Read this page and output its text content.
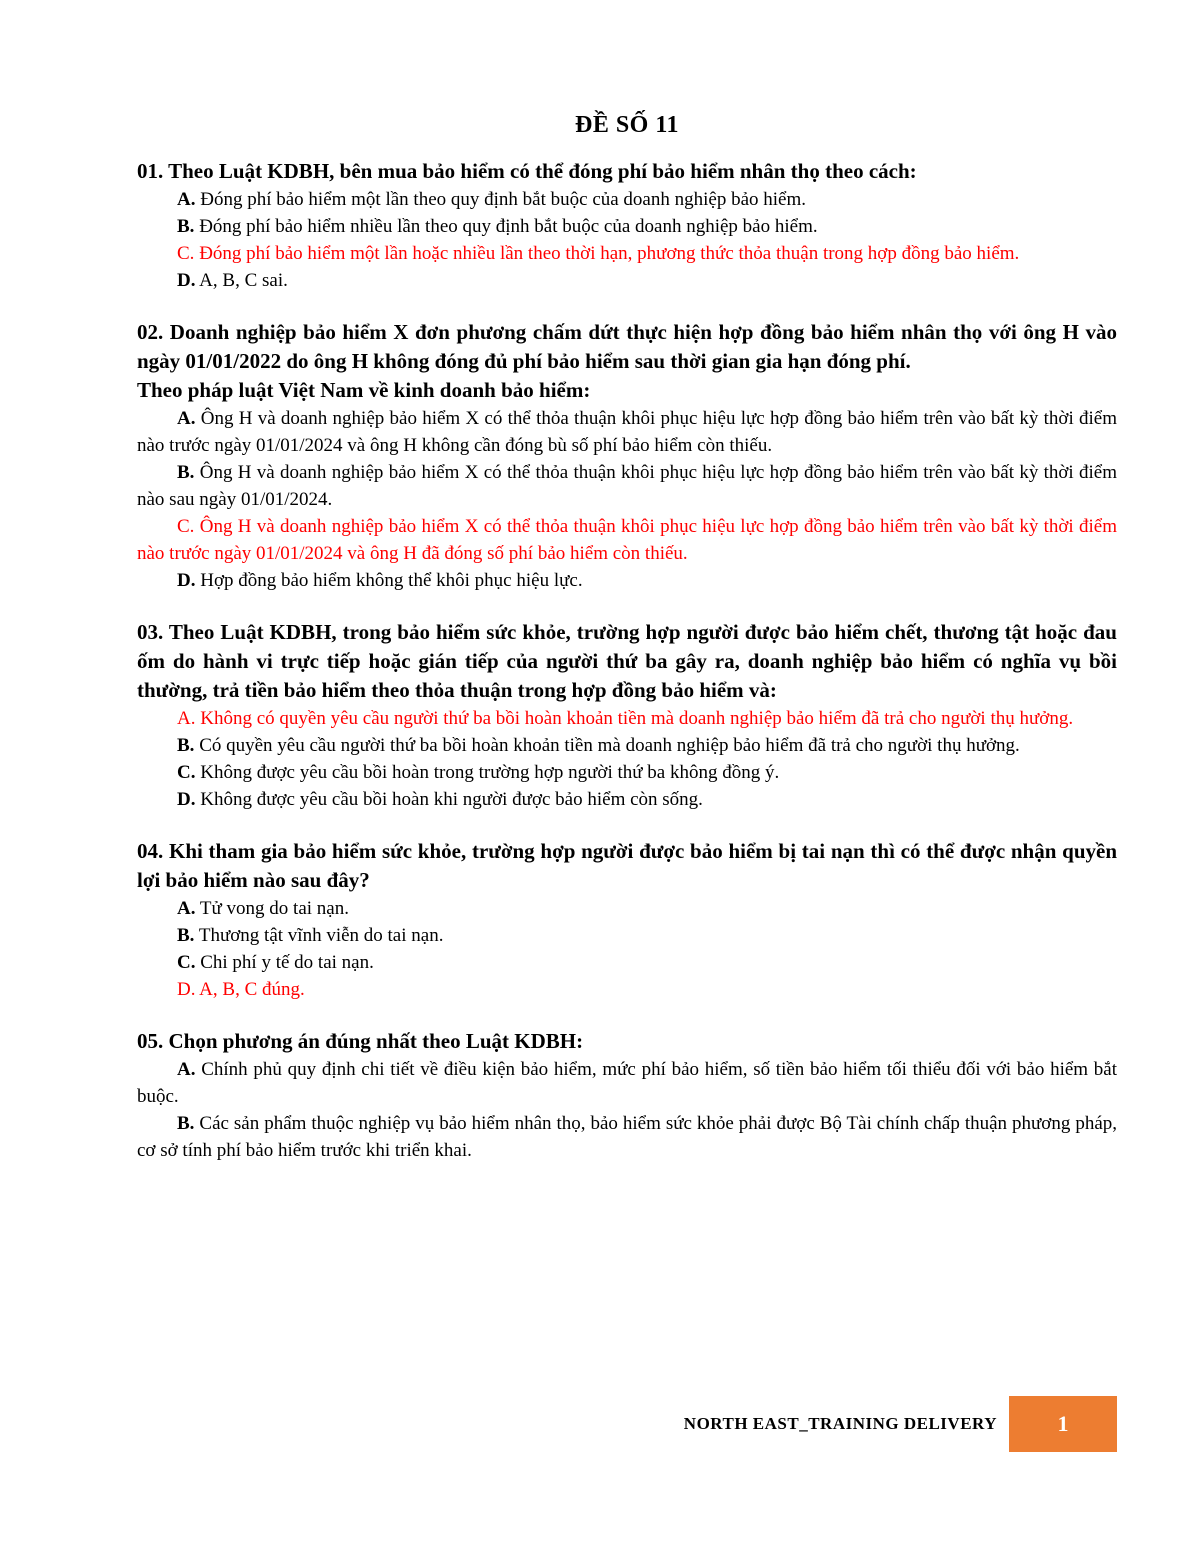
ĐỀ SỐ 11
01. Theo Luật KDBH, bên mua bảo hiểm có thể đóng phí bảo hiểm nhân thọ theo cách:
A. Đóng phí bảo hiểm một lần theo quy định bắt buộc của doanh nghiệp bảo hiểm.
B. Đóng phí bảo hiểm nhiều lần theo quy định bắt buộc của doanh nghiệp bảo hiểm.
C. Đóng phí bảo hiểm một lần hoặc nhiều lần theo thời hạn, phương thức thỏa thuận trong hợp đồng bảo hiểm.
D. A, B, C sai.
02. Doanh nghiệp bảo hiểm X đơn phương chấm dứt thực hiện hợp đồng bảo hiểm nhân thọ với ông H vào ngày 01/01/2022 do ông H không đóng đủ phí bảo hiểm sau thời gian gia hạn đóng phí.
Theo pháp luật Việt Nam về kinh doanh bảo hiểm:
A. Ông H và doanh nghiệp bảo hiểm X có thể thỏa thuận khôi phục hiệu lực hợp đồng bảo hiểm trên vào bất kỳ thời điểm nào trước ngày 01/01/2024 và ông H không cần đóng bù số phí bảo hiểm còn thiếu.
B. Ông H và doanh nghiệp bảo hiểm X có thể thỏa thuận khôi phục hiệu lực hợp đồng bảo hiểm trên vào bất kỳ thời điểm nào sau ngày 01/01/2024.
C. Ông H và doanh nghiệp bảo hiểm X có thể thỏa thuận khôi phục hiệu lực hợp đồng bảo hiểm trên vào bất kỳ thời điểm nào trước ngày 01/01/2024 và ông H đã đóng số phí bảo hiểm còn thiếu.
D. Hợp đồng bảo hiểm không thể khôi phục hiệu lực.
03. Theo Luật KDBH, trong bảo hiểm sức khỏe, trường hợp người được bảo hiểm chết, thương tật hoặc đau ốm do hành vi trực tiếp hoặc gián tiếp của người thứ ba gây ra, doanh nghiệp bảo hiểm có nghĩa vụ bồi thường, trả tiền bảo hiểm theo thỏa thuận trong hợp đồng bảo hiểm và:
A. Không có quyền yêu cầu người thứ ba bồi hoàn khoản tiền mà doanh nghiệp bảo hiểm đã trả cho người thụ hưởng.
B. Có quyền yêu cầu người thứ ba bồi hoàn khoản tiền mà doanh nghiệp bảo hiểm đã trả cho người thụ hưởng.
C. Không được yêu cầu bồi hoàn trong trường hợp người thứ ba không đồng ý.
D. Không được yêu cầu bồi hoàn khi người được bảo hiểm còn sống.
04. Khi tham gia bảo hiểm sức khỏe, trường hợp người được bảo hiểm bị tai nạn thì có thể được nhận quyền lợi bảo hiểm nào sau đây?
A. Tử vong do tai nạn.
B. Thương tật vĩnh viễn do tai nạn.
C. Chi phí y tế do tai nạn.
D. A, B, C đúng.
05. Chọn phương án đúng nhất theo Luật KDBH:
A. Chính phủ quy định chi tiết về điều kiện bảo hiểm, mức phí bảo hiểm, số tiền bảo hiểm tối thiểu đối với bảo hiểm bắt buộc.
B. Các sản phẩm thuộc nghiệp vụ bảo hiểm nhân thọ, bảo hiểm sức khỏe phải được Bộ Tài chính chấp thuận phương pháp, cơ sở tính phí bảo hiểm trước khi triển khai.
NORTH EAST_TRAINING DELIVERY	1
